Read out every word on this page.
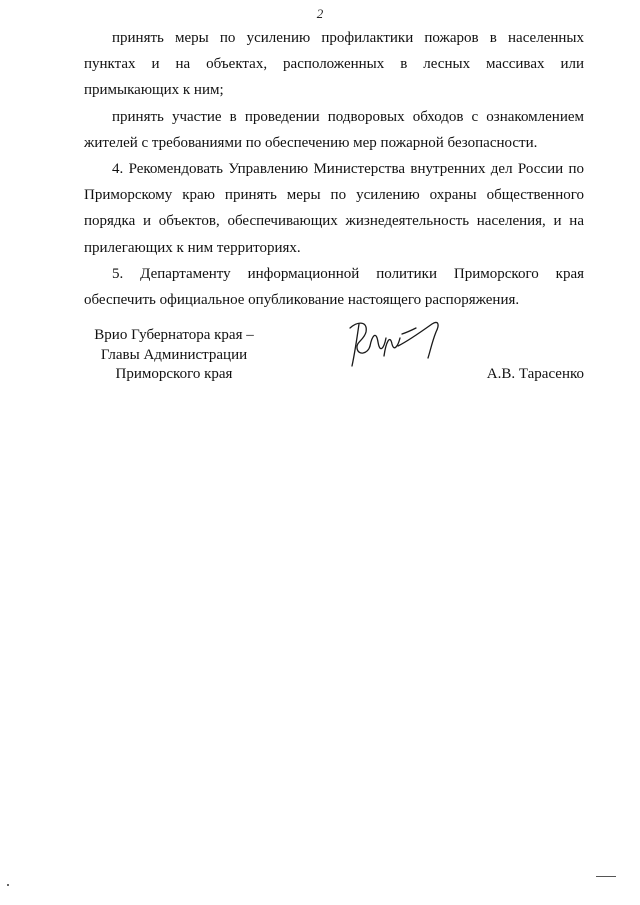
2

принять меры по усилению профилактики пожаров в населенных пунктах и на объектах, расположенных в лесных массивах или примыкающих к ним;

принять участие в проведении подворовых обходов с ознакомлением жителей с требованиями по обеспечению мер пожарной безопасности.

4. Рекомендовать Управлению Министерства внутренних дел России по Приморскому краю принять меры по усилению охраны общественного порядка и объектов, обеспечивающих жизнедеятельность населения, и на прилегающих к ним территориях.

5. Департаменту информационной политики Приморского края обеспечить официальное опубликование настоящего распоряжения.

Врио Губернатора края –
Главы Администрации
Приморского края	А.В. Тарасенко
